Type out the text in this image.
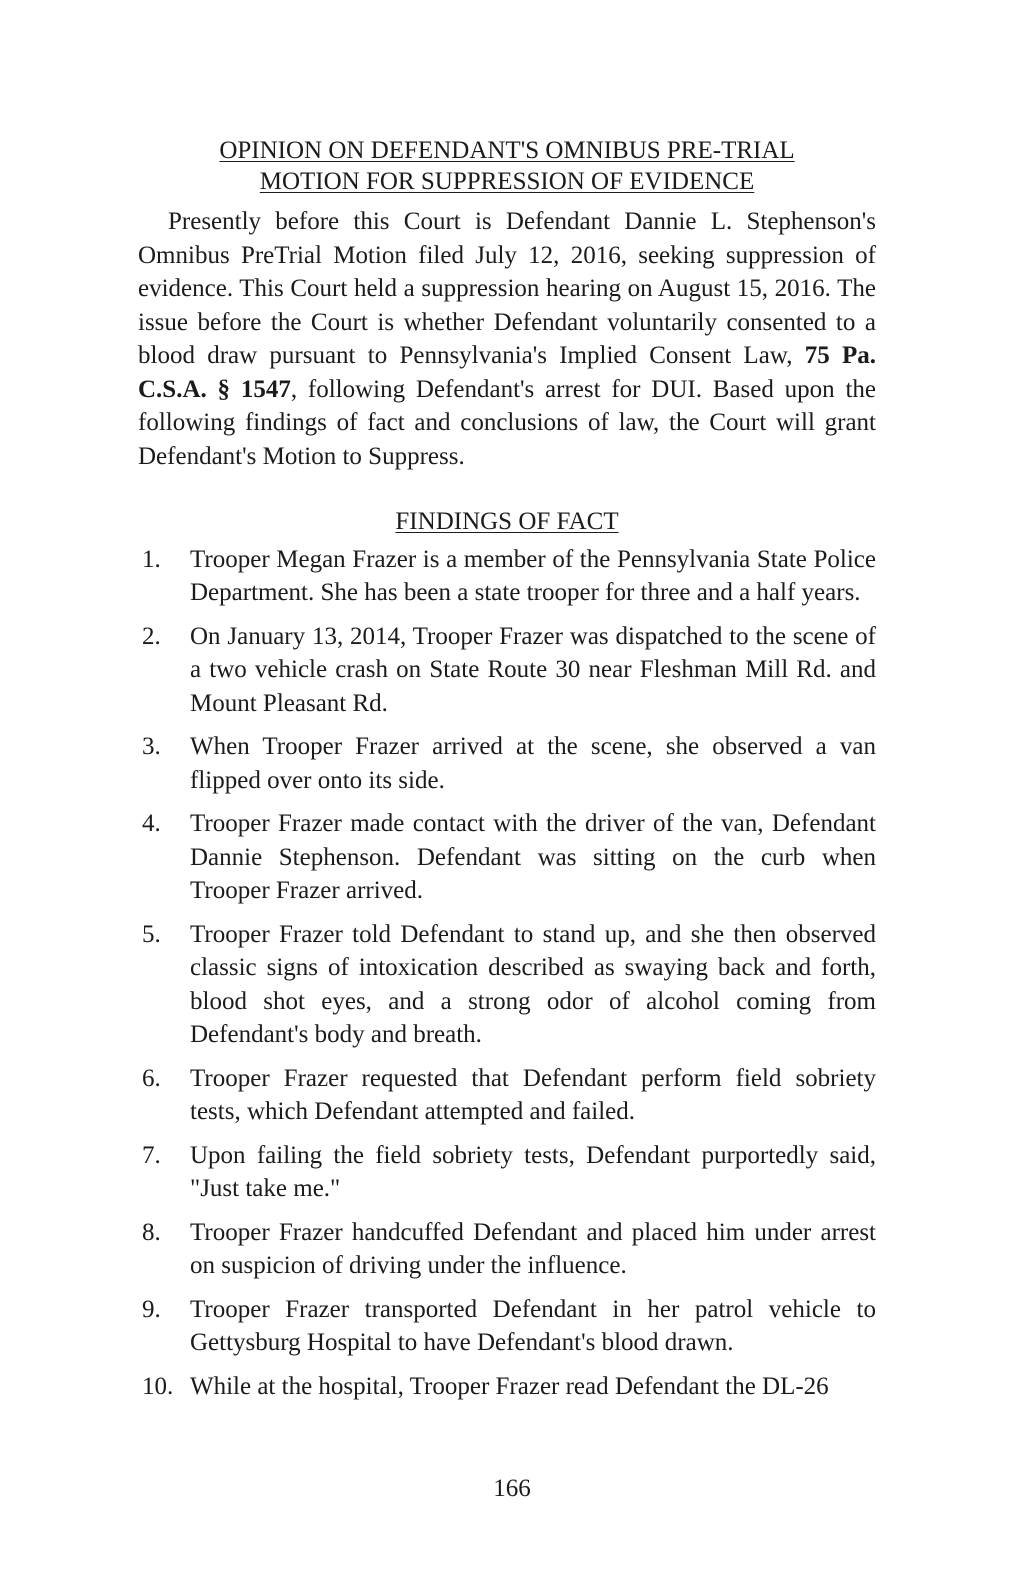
OPINION ON DEFENDANT'S OMNIBUS PRE-TRIAL
MOTION FOR SUPPRESSION OF EVIDENCE

Presently before this Court is Defendant Dannie L. Stephenson's Omnibus PreTrial Motion filed July 12, 2016, seeking suppression of evidence. This Court held a suppression hearing on August 15, 2016. The issue before the Court is whether Defendant voluntarily consented to a blood draw pursuant to Pennsylvania's Implied Consent Law, 75 Pa. C.S.A. § 1547, following Defendant's arrest for DUI. Based upon the following findings of fact and conclusions of law, the Court will grant Defendant's Motion to Suppress.

FINDINGS OF FACT
1.	Trooper Megan Frazer is a member of the Pennsylvania State Police Department. She has been a state trooper for three and a half years.
2.	On January 13, 2014, Trooper Frazer was dispatched to the scene of a two vehicle crash on State Route 30 near Fleshman Mill Rd. and Mount Pleasant Rd.
3.	When Trooper Frazer arrived at the scene, she observed a van flipped over onto its side.
4.	Trooper Frazer made contact with the driver of the van, Defendant Dannie Stephenson. Defendant was sitting on the curb when Trooper Frazer arrived.
5.	Trooper Frazer told Defendant to stand up, and she then observed classic signs of intoxication described as swaying back and forth, blood shot eyes, and a strong odor of alcohol coming from Defendant's body and breath.
6.	Trooper Frazer requested that Defendant perform field sobriety tests, which Defendant attempted and failed.
7.	Upon failing the field sobriety tests, Defendant purportedly said, "Just take me."
8.	Trooper Frazer handcuffed Defendant and placed him under arrest on suspicion of driving under the influence.
9.	Trooper Frazer transported Defendant in her patrol vehicle to Gettysburg Hospital to have Defendant's blood drawn.
10. While at the hospital, Trooper Frazer read Defendant the DL-26
166
